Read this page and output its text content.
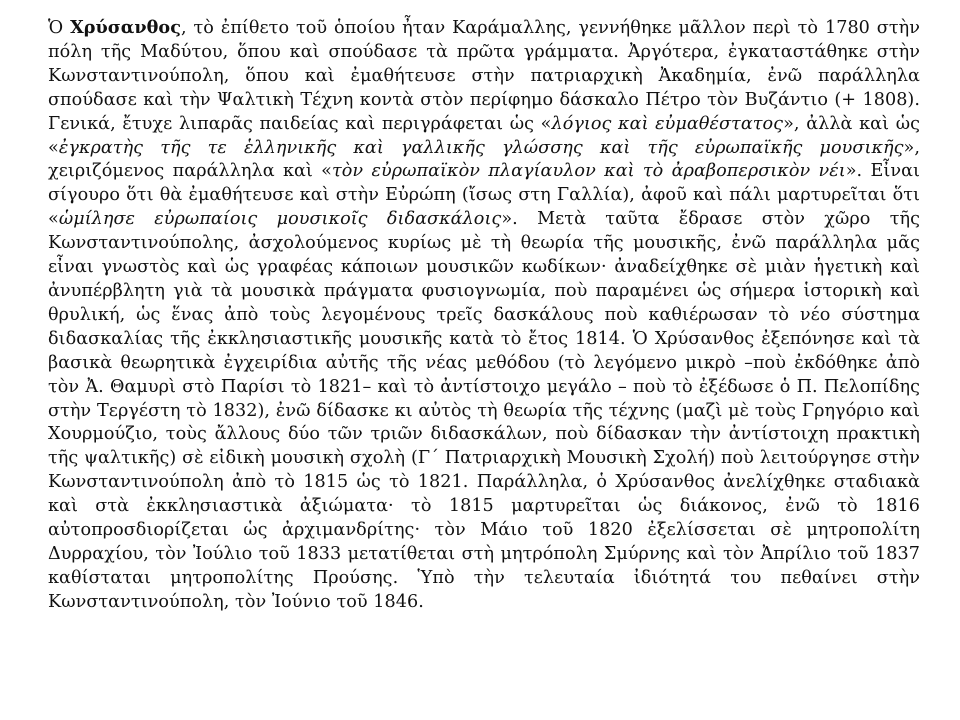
Ὁ Χρύσανθος, τὸ ἐπίθετο τοῦ ὁποίου ἦταν Καράμαλλης, γεννήθηκε μᾶλλον περὶ τὸ 1780 στὴν πόλη τῆς Μαδύτου, ὅπου καὶ σπούδασε τὰ πρῶτα γράμματα. Ἀργότερα, ἐγκαταστάθηκε στὴν Κωνσταντινούπολη, ὅπου καὶ ἐμαθήτευσε στὴν πατριαρχικὴ Ἀκαδημία, ἐνῶ παράλληλα σπούδασε καὶ τὴν Ψαλτικὴ Τέχνη κοντὰ στὸν περίφημο δάσκαλο Πέτρο τὸν Βυζάντιο (+ 1808). Γενικά, ἔτυχε λιπαρᾶς παιδείας καὶ περιγράφεται ὡς «λόγιος καὶ εὐμαθέστατος», ἀλλὰ καὶ ὡς «ἐγκρατὴς τῆς τε ἑλληνικῆς καὶ γαλλικῆς γλώσσης καὶ τῆς εὐρωπαϊκῆς μουσικῆς», χειριζόμενος παράλληλα καὶ «τὸν εὐρωπαϊκὸν πλαγίαυλον καὶ τὸ ἀραβοπερσικὸν νέι». Εἶναι σίγουρο ὅτι θὰ ἐμαθήτευσε καὶ στὴν Εὐρώπη (ἴσως στη Γαλλία), ἀφοῦ καὶ πάλι μαρτυρεῖται ὅτι «ὡμίλησε εὐρωπαίοις μουσικοῖς διδασκάλοις». Μετὰ ταῦτα ἔδρασε στὸν χῶρο τῆς Κωνσταντινούπολης, ἀσχολούμενος κυρίως μὲ τὴ θεωρία τῆς μουσικῆς, ἐνῶ παράλληλα μᾶς εἶναι γνωστὸς καὶ ὡς γραφέας κάποιων μουσικῶν κωδίκων· ἀναδείχθηκε σὲ μιὰν ἡγετικὴ καὶ ἀνυπέρβλητη γιὰ τὰ μουσικὰ πράγματα φυσιογνωμία, ποὺ παραμένει ὡς σήμερα ἱστορικὴ καὶ θρυλική, ὡς ἕνας ἀπὸ τοὺς λεγομένους τρεῖς δασκάλους ποὺ καθιέρωσαν τὸ νέο σύστημα διδασκαλίας τῆς ἐκκλησιαστικῆς μουσικῆς κατὰ τὸ ἔτος 1814. Ὁ Χρύσανθος ἐξεπόνησε καὶ τὰ βασικὰ θεωρητικὰ ἐγχειρίδια αὐτῆς τῆς νέας μεθόδου (τὸ λεγόμενο μικρὸ –ποὺ ἐκδόθηκε ἀπὸ τὸν Ἀ. Θαμυρὶ στὸ Παρίσι τὸ 1821– καὶ τὸ ἀντίστοιχο μεγάλο – ποὺ τὸ ἐξέδωσε ὁ Π. Πελοπίδης στὴν Τεργέστη τὸ 1832), ἐνῶ δίδασκε κι αὐτὸς τὴ θεωρία τῆς τέχνης (μαζὶ μὲ τοὺς Γρηγόριο καὶ Χουρμούζιο, τοὺς ἄλλους δύο τῶν τριῶν διδασκάλων, ποὺ δίδασκαν τὴν ἀντίστοιχη πρακτικὴ τῆς ψαλτικῆς) σὲ εἰδικὴ μουσικὴ σχολὴ (Γ΄ Πατριαρχικὴ Μουσικὴ Σχολή) ποὺ λειτούργησε στὴν Κωνσταντινούπολη ἀπὸ τὸ 1815 ὡς τὸ 1821. Παράλληλα, ὁ Χρύσανθος ἀνελίχθηκε σταδιακὰ καὶ στὰ ἐκκλησιαστικὰ ἀξιώματα· τὸ 1815 μαρτυρεῖται ὡς διάκονος, ἐνῶ τὸ 1816 αὐτοπροσδιορίζεται ὡς ἀρχιμανδρίτης· τὸν Μάιο τοῦ 1820 ἐξελίσσεται σὲ μητροπολίτη Δυρραχίου, τὸν Ἰούλιο τοῦ 1833 μετατίθεται στὴ μητρόπολη Σμύρνης καὶ τὸν Ἀπρίλιο τοῦ 1837 καθίσταται μητροπολίτης Προύσης. Ὑπὸ τὴν τελευταία ἰδιότητά του πεθαίνει στὴν Κωνσταντινούπολη, τὸν Ἰούνιο τοῦ 1846.
